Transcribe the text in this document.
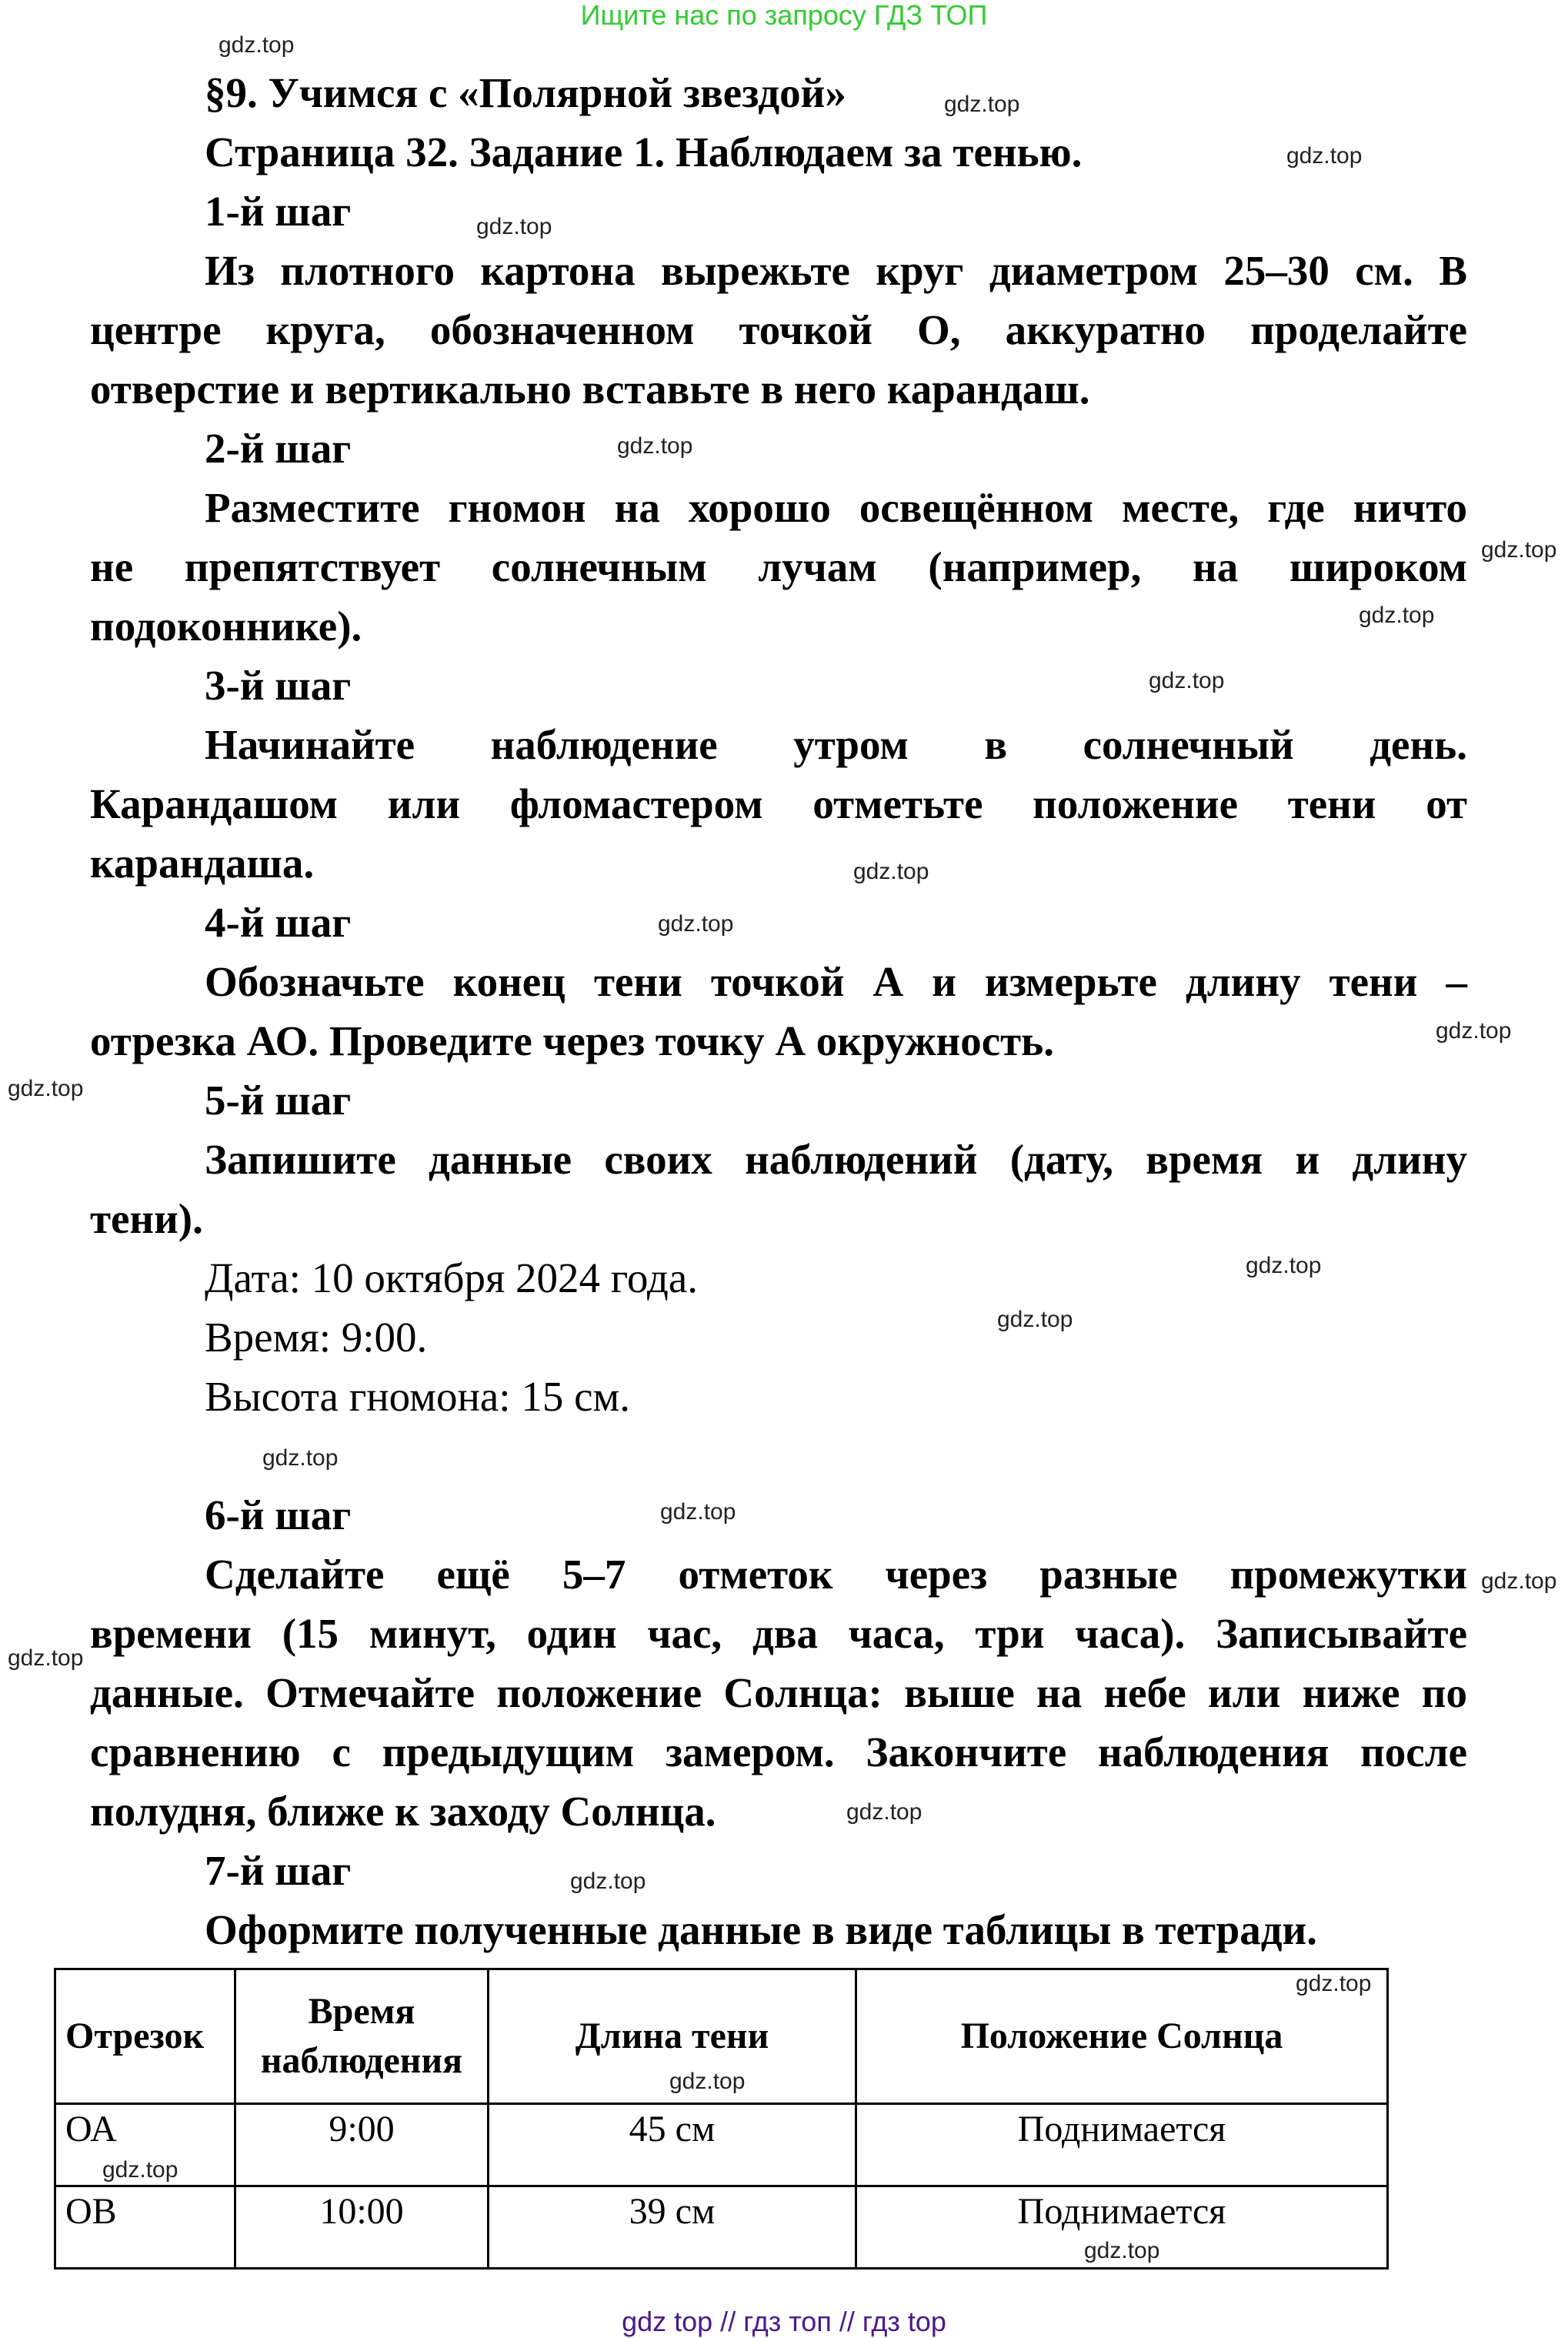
Ищите нас по запросу ГДЗ ТОП
§9. Учимся с «Полярной звездой»
Страница 32. Задание 1. Наблюдаем за тенью.
1-й шаг
Из плотного картона вырежьте круг диаметром 25–30 см. В
центре круга, обозначенном точкой О, аккуратно проделайте
отверстие и вертикально вставьте в него карандаш.
2-й шаг
Разместите гномон на хорошо освещённом месте, где ничто
не препятствует солнечным лучам (например, на широком
подоконнике).
3-й шаг
Начинайте наблюдение утром в солнечный день.
Карандашом или фломастером отметьте положение тени от
карандаша.
4-й шаг
Обозначьте конец тени точкой А и измерьте длину тени –
отрезка АО. Проведите через точку А окружность.
5-й шаг
Запишите данные своих наблюдений (дату, время и длину
тени).
Дата: 10 октября 2024 года.
Время: 9:00.
Высота гномона: 15 см.
6-й шаг
Сделайте ещё 5–7 отметок через разные промежутки
времени (15 минут, один час, два часа, три часа). Записывайте
данные. Отмечайте положение Солнца: выше на небе или ниже по
сравнению с предыдущим замером. Закончите наблюдения после
полудня, ближе к заходу Солнца.
7-й шаг
Оформите полученные данные в виде таблицы в тетради.
Отрезок	Время наблюдения	Длина тени	Положение Солнца
ОА	9:00	45 см	Поднимается
ОВ	10:00	39 см	Поднимается
gdz.top
gdz.top
gdz.top
gdz.top
gdz.top
gdz.top
gdz.top
gdz.top
gdz.top
gdz.top
gdz.top
gdz.top
gdz.top
gdz.top
gdz.top
gdz.top
gdz.top
gdz.top
gdz.top
gdz.top
gdz.top
gdz.top
gdz.top
gdz.top
gdz top // гдз топ // гдз top
